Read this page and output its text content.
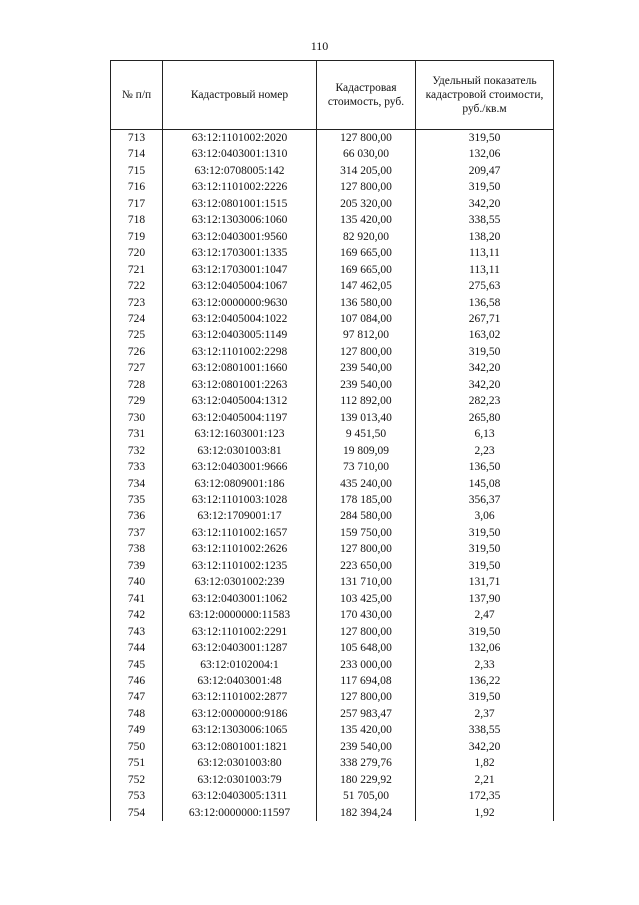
110
№ п/п	Кадастровый номер	Кадастровая стоимость, руб.	Удельный показатель кадастровой стоимости, руб./кв.м
713	63:12:1101002:2020	127 800,00	319,50
714	63:12:0403001:1310	66 030,00	132,06
715	63:12:0708005:142	314 205,00	209,47
716	63:12:1101002:2226	127 800,00	319,50
717	63:12:0801001:1515	205 320,00	342,20
718	63:12:1303006:1060	135 420,00	338,55
719	63:12:0403001:9560	82 920,00	138,20
720	63:12:1703001:1335	169 665,00	113,11
721	63:12:1703001:1047	169 665,00	113,11
722	63:12:0405004:1067	147 462,05	275,63
723	63:12:0000000:9630	136 580,00	136,58
724	63:12:0405004:1022	107 084,00	267,71
725	63:12:0403005:1149	97 812,00	163,02
726	63:12:1101002:2298	127 800,00	319,50
727	63:12:0801001:1660	239 540,00	342,20
728	63:12:0801001:2263	239 540,00	342,20
729	63:12:0405004:1312	112 892,00	282,23
730	63:12:0405004:1197	139 013,40	265,80
731	63:12:1603001:123	9 451,50	6,13
732	63:12:0301003:81	19 809,09	2,23
733	63:12:0403001:9666	73 710,00	136,50
734	63:12:0809001:186	435 240,00	145,08
735	63:12:1101003:1028	178 185,00	356,37
736	63:12:1709001:17	284 580,00	3,06
737	63:12:1101002:1657	159 750,00	319,50
738	63:12:1101002:2626	127 800,00	319,50
739	63:12:1101002:1235	223 650,00	319,50
740	63:12:0301002:239	131 710,00	131,71
741	63:12:0403001:1062	103 425,00	137,90
742	63:12:0000000:11583	170 430,00	2,47
743	63:12:1101002:2291	127 800,00	319,50
744	63:12:0403001:1287	105 648,00	132,06
745	63:12:0102004:1	233 000,00	2,33
746	63:12:0403001:48	117 694,08	136,22
747	63:12:1101002:2877	127 800,00	319,50
748	63:12:0000000:9186	257 983,47	2,37
749	63:12:1303006:1065	135 420,00	338,55
750	63:12:0801001:1821	239 540,00	342,20
751	63:12:0301003:80	338 279,76	1,82
752	63:12:0301003:79	180 229,92	2,21
753	63:12:0403005:1311	51 705,00	172,35
754	63:12:0000000:11597	182 394,24	1,92
